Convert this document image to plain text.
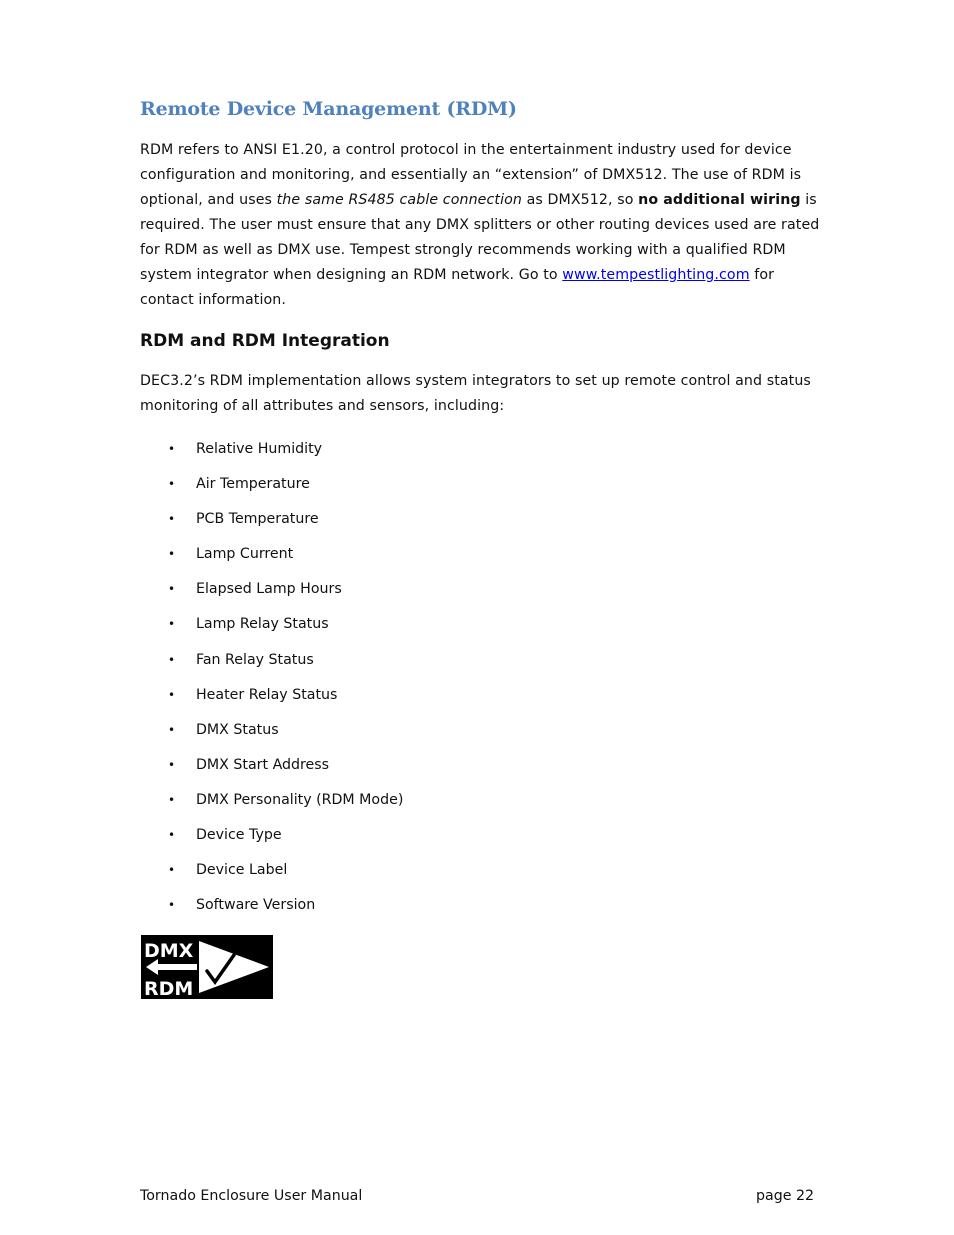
Remote Device Management (RDM)

RDM refers to ANSI E1.20, a control protocol in the entertainment industry used for device configuration and monitoring, and essentially an “extension” of DMX512. The use of RDM is optional, and uses the same RS485 cable connection as DMX512, so no additional wiring is required. The user must ensure that any DMX splitters or other routing devices used are rated for RDM as well as DMX use. Tempest strongly recommends working with a qualified RDM system integrator when designing an RDM network. Go to www.tempestlighting.com for contact information.

RDM and RDM Integration

DEC3.2’s RDM implementation allows system integrators to set up remote control and status monitoring of all attributes and sensors, including:

• Relative Humidity
• Air Temperature
• PCB Temperature
• Lamp Current
• Elapsed Lamp Hours
• Lamp Relay Status
• Fan Relay Status
• Heater Relay Status
• DMX Status
• DMX Start Address
• DMX Personality (RDM Mode)
• Device Type
• Device Label
• Software Version
DMX
RDM
Tornado Enclosure User Manual	page 22
